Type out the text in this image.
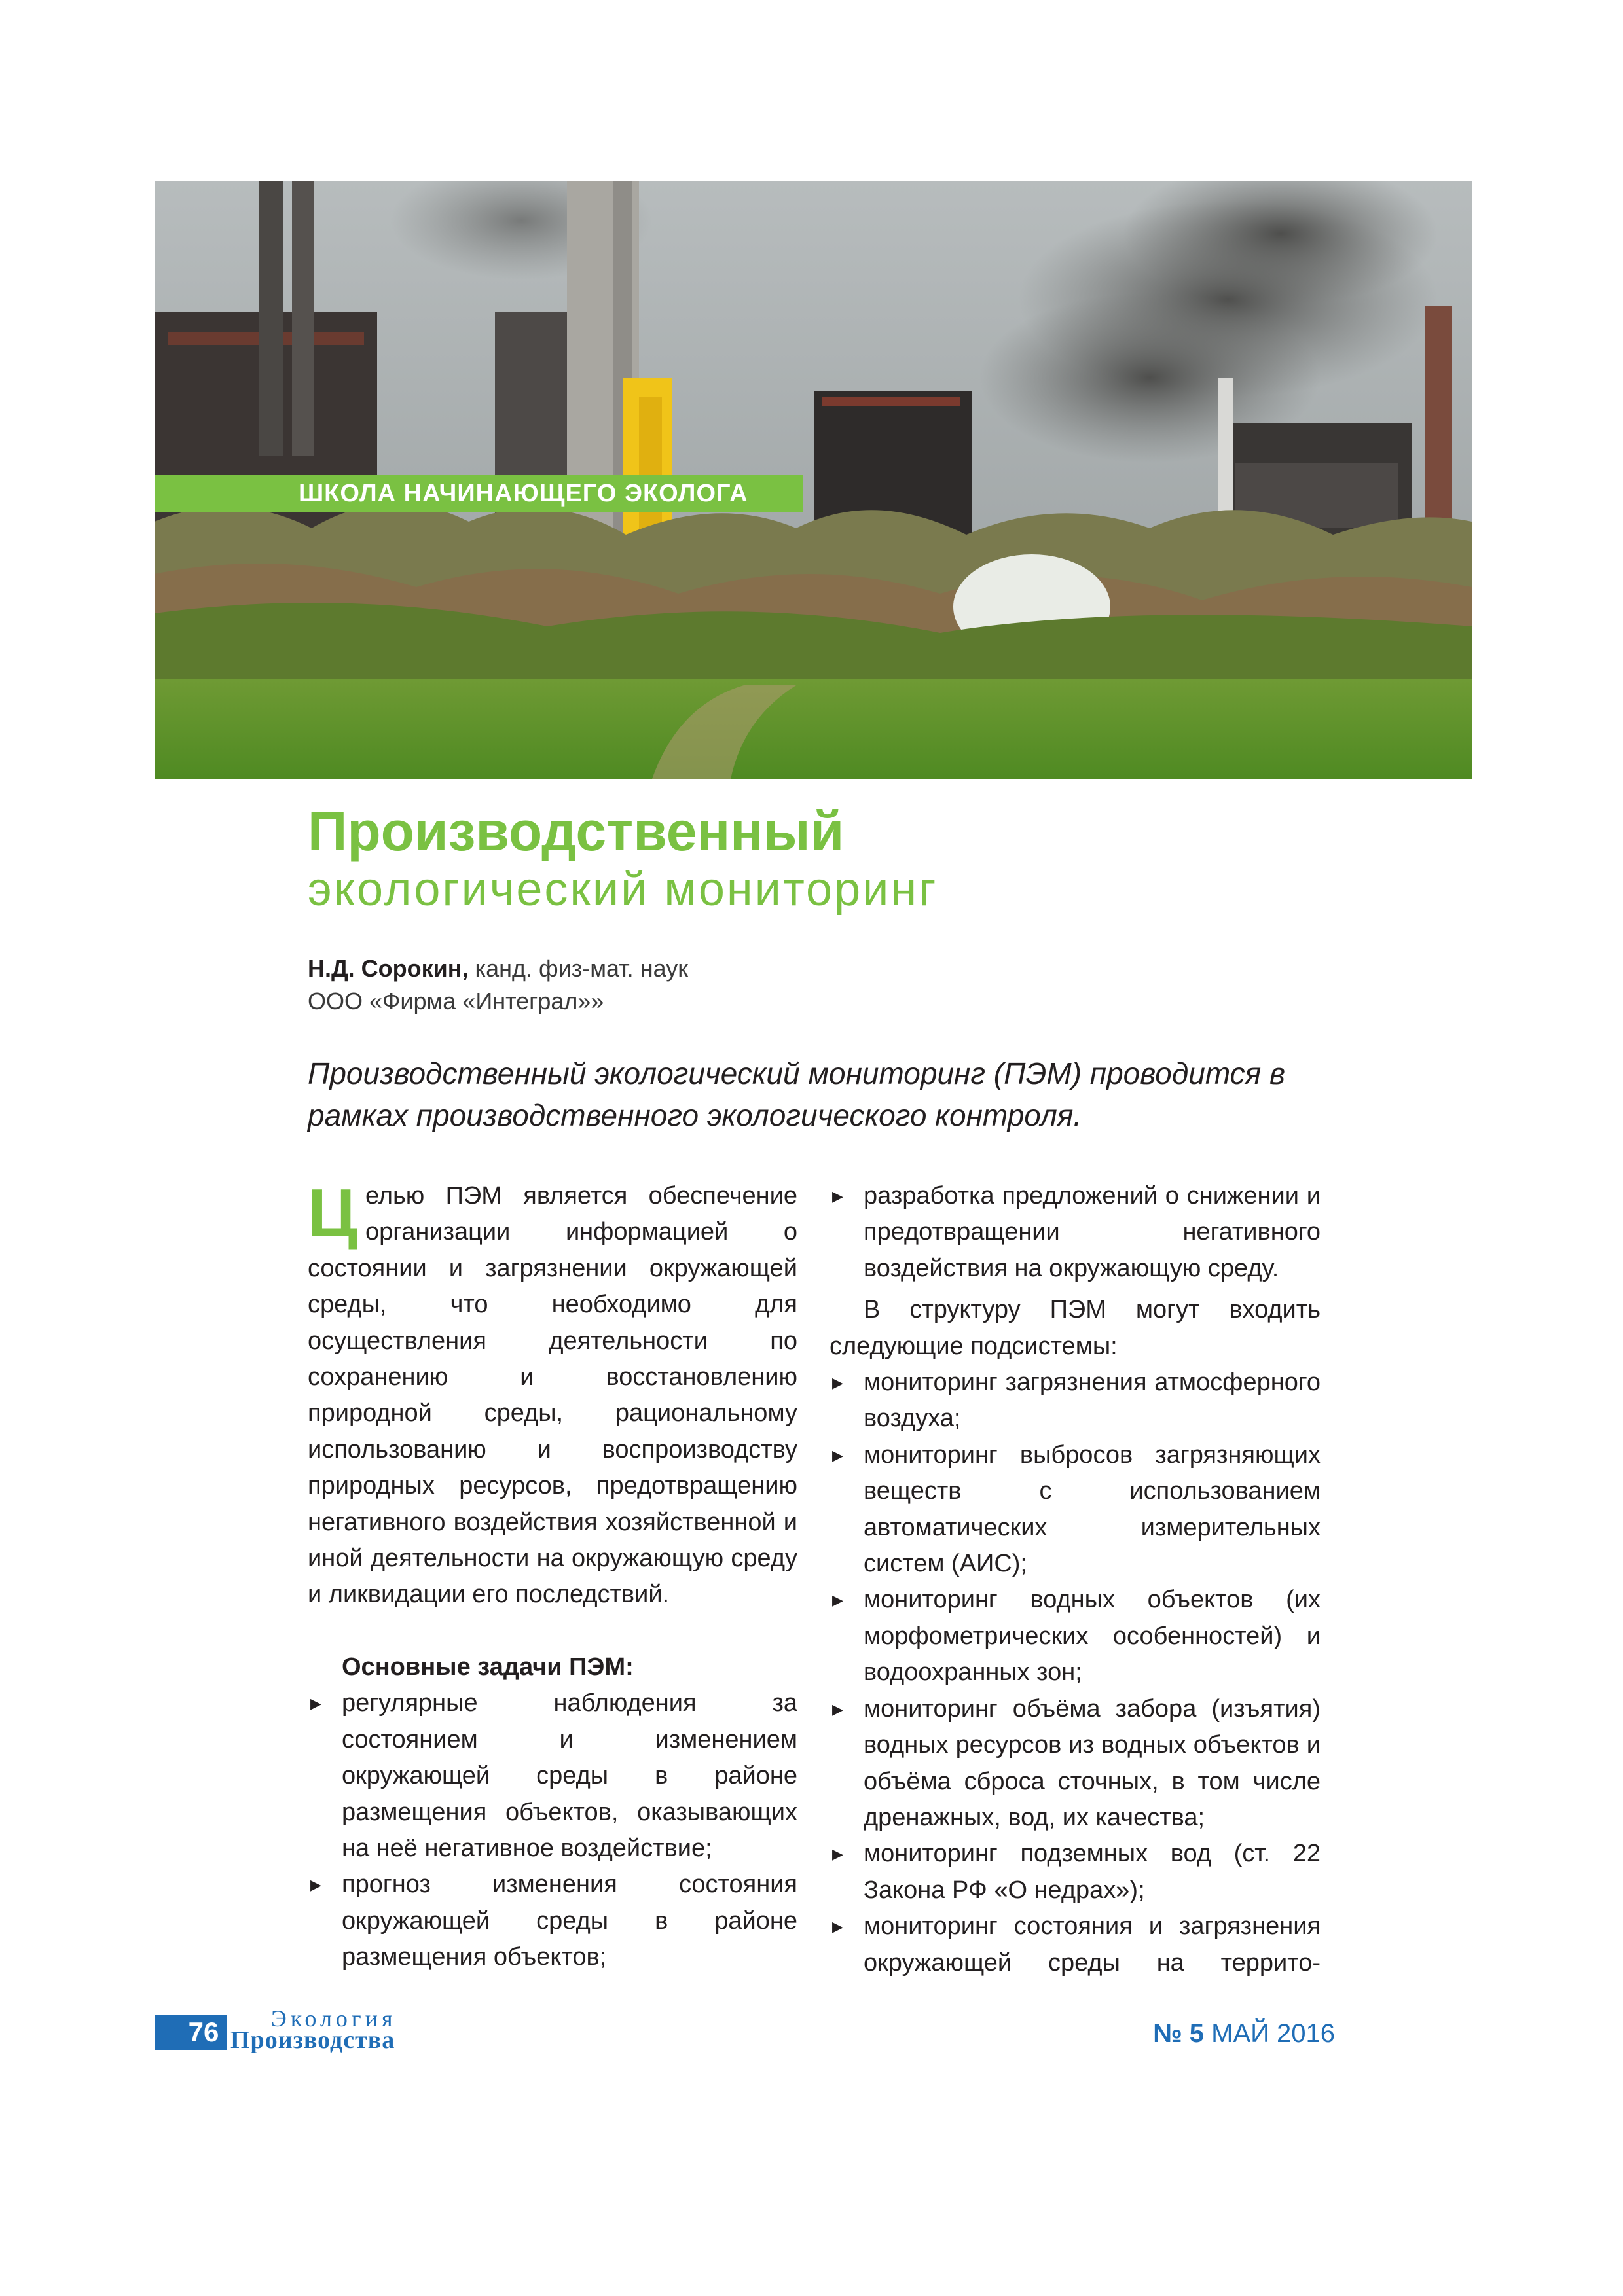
ШКОЛА НАЧИНАЮЩЕГО ЭКОЛОГА
Производственный
экологический мониторинг
Н.Д. Сорокин, канд. физ-мат. наук
ООО «Фирма «Интеграл»»
Производственный экологический мониторинг (ПЭМ) проводится в рамках производственного экологического контроля.

Целью ПЭМ является обеспечение организации информацией о состоянии и загрязнении окружающей среды, что необходимо для осуществления деятельности по сохранению и восстановлению природной среды, рациональному использованию и воспроизводству природных ресурсов, предотвращению негативного воздействия хозяйственной и иной деятельности на окружающую среду и ликвидации его последствий.

Основные задачи ПЭМ:

▶ регулярные наблюдения за состоянием и изменением окружающей среды в районе размещения объектов, оказывающих на неё негативное воздействие;

▶ прогноз изменения состояния окружающей среды в районе размещения объектов;

▶ разработка предложений о снижении и предотвращении негативного воздействия на окружающую среду.

В структуру ПЭМ могут входить следующие подсистемы:

▶ мониторинг загрязнения атмосферного воздуха;

▶ мониторинг выбросов загрязняющих веществ с использованием автоматических измерительных систем (АИС);

▶ мониторинг водных объектов (их морфометрических особенностей) и водоохранных зон;

▶ мониторинг объёма забора (изъятия) водных ресурсов из водных объектов и объёма сброса сточных, в том числе дренажных, вод, их качества;

▶ мониторинг подземных вод (ст. 22 Закона РФ «О недрах»);

▶ мониторинг состояния и загрязнения окружающей среды на террито-

76	Экология
Производства	№ 5 МАЙ 2016
